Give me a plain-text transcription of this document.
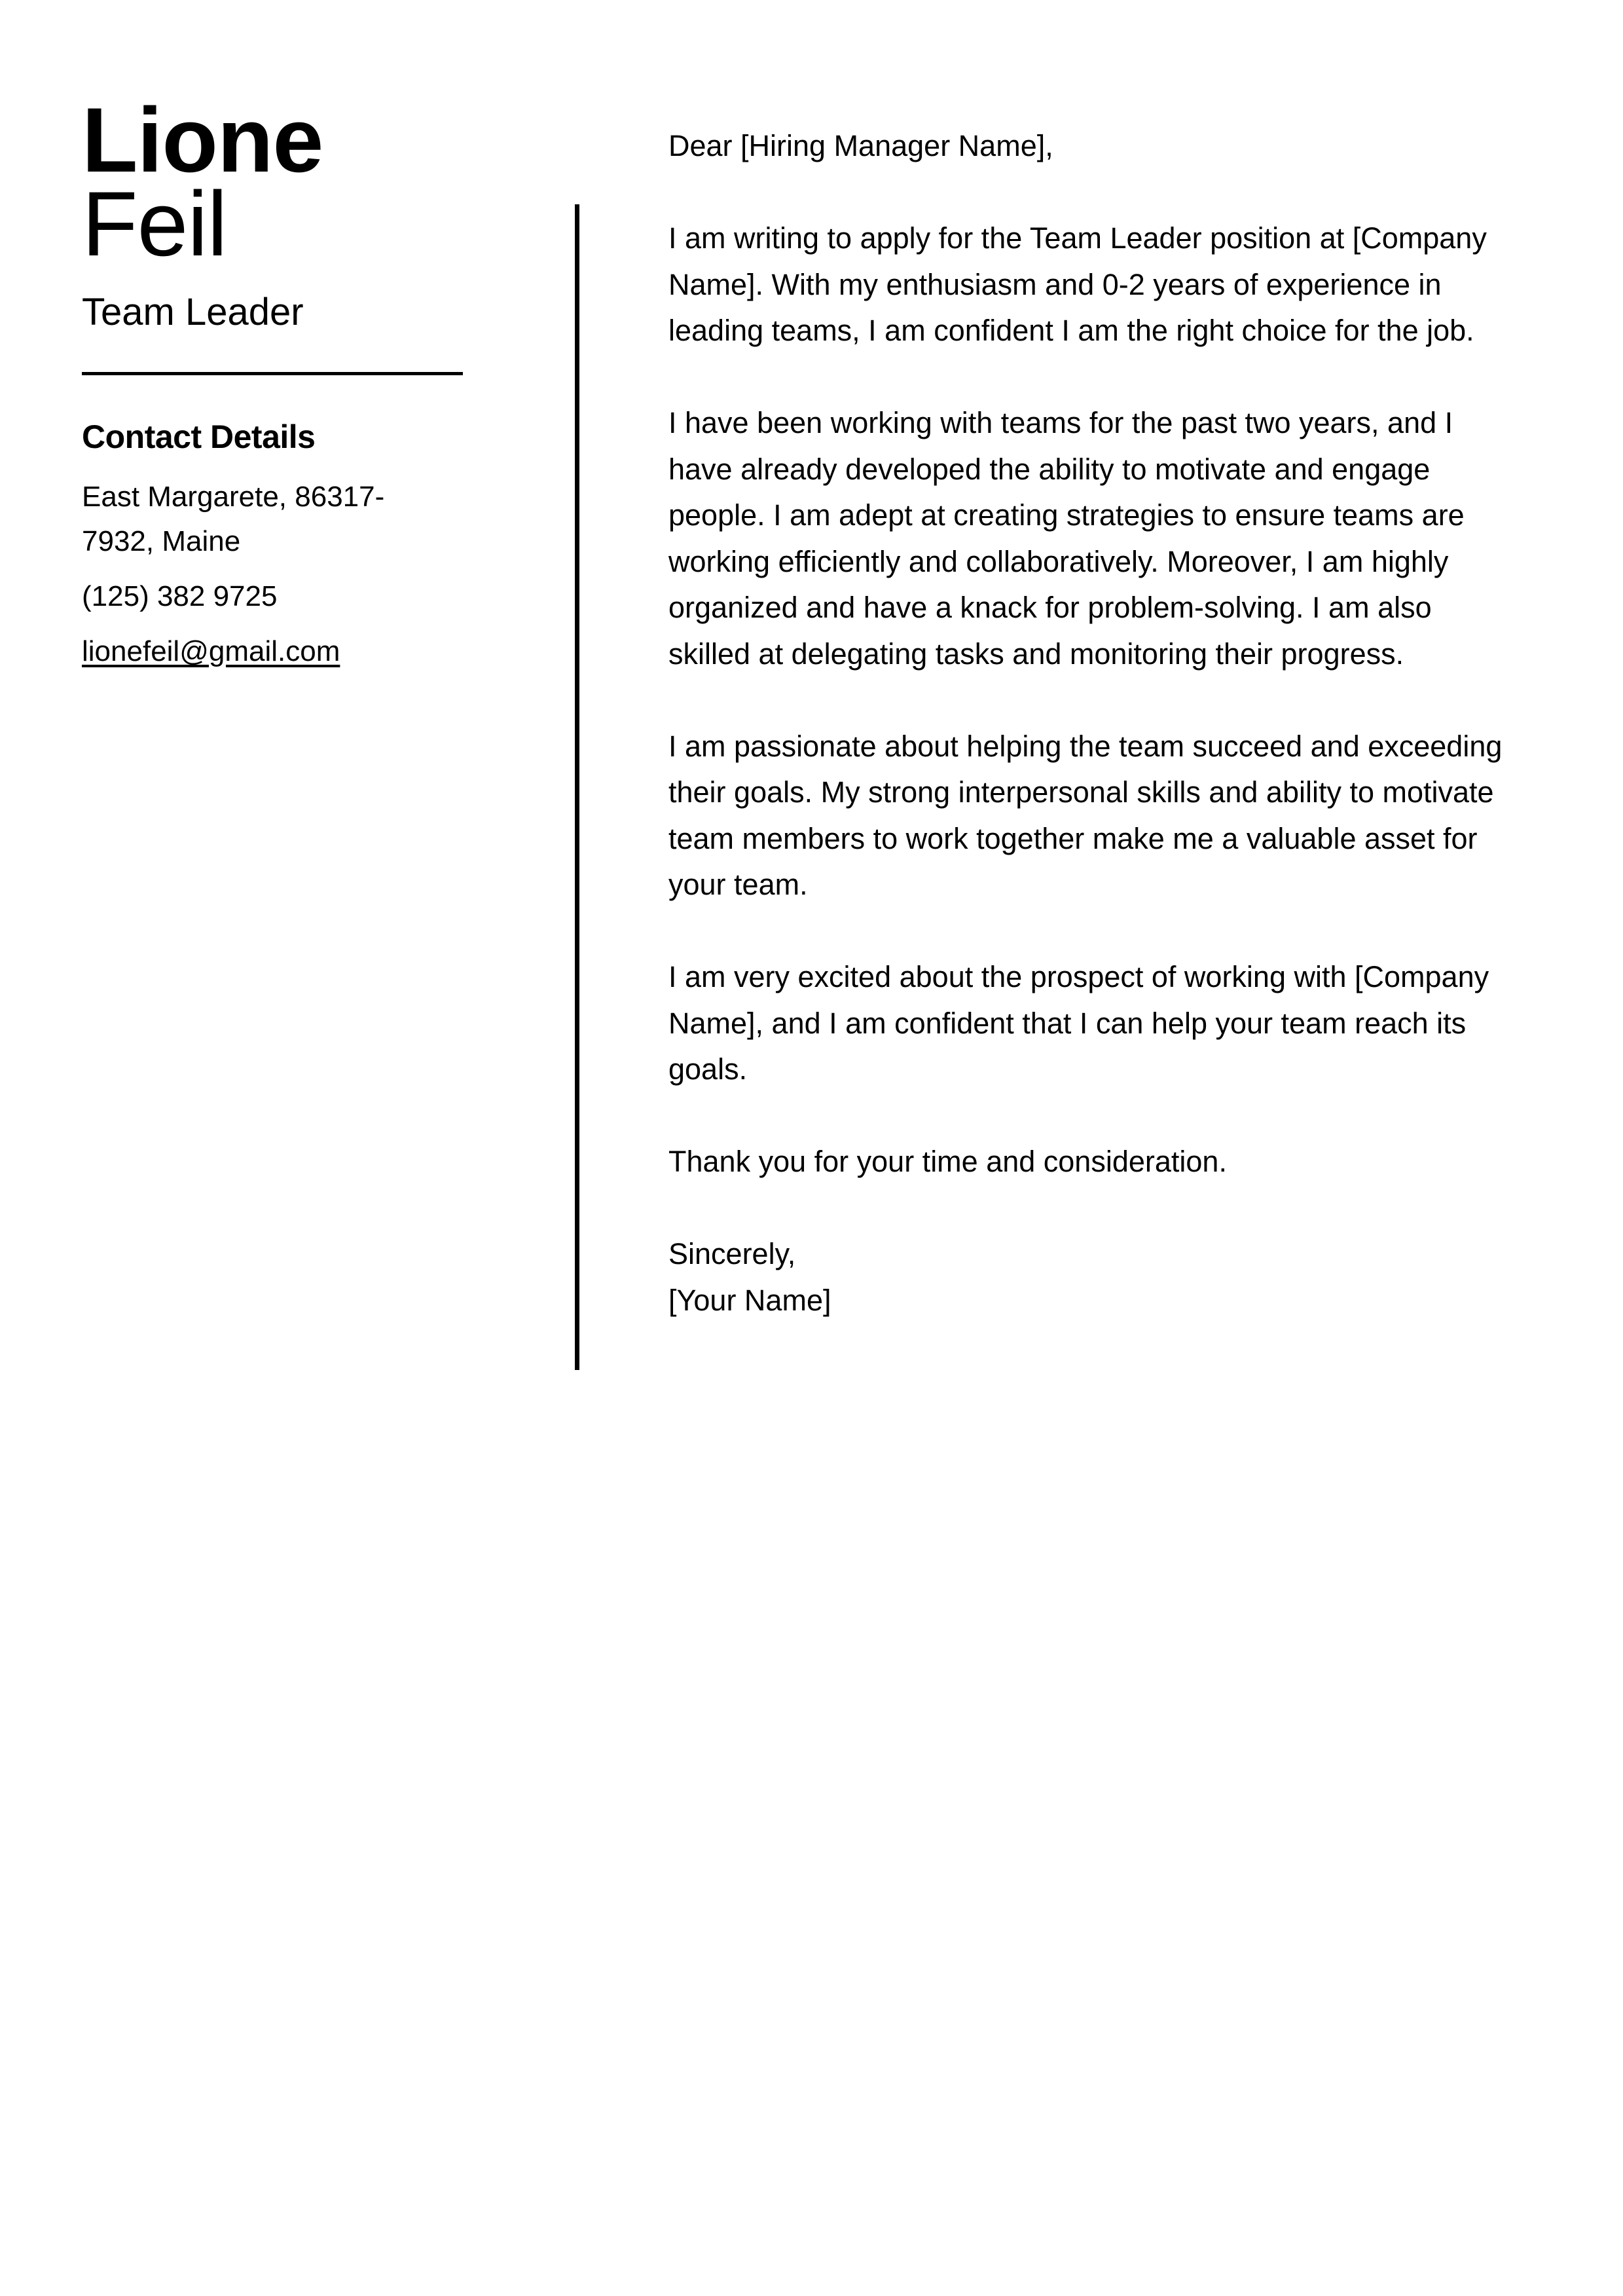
Lione
Feil
Team Leader
Contact Details
East Margarete, 86317-7932, Maine
(125) 382 9725
lionefeil@gmail.com

Dear [Hiring Manager Name],

I am writing to apply for the Team Leader position at [Company Name]. With my enthusiasm and 0-2 years of experience in leading teams, I am confident I am the right choice for the job.

I have been working with teams for the past two years, and I have already developed the ability to motivate and engage people. I am adept at creating strategies to ensure teams are working efficiently and collaboratively. Moreover, I am highly organized and have a knack for problem-solving. I am also skilled at delegating tasks and monitoring their progress.

I am passionate about helping the team succeed and exceeding their goals. My strong interpersonal skills and ability to motivate team members to work together make me a valuable asset for your team.

I am very excited about the prospect of working with [Company Name], and I am confident that I can help your team reach its goals.

Thank you for your time and consideration.

Sincerely,

[Your Name]
